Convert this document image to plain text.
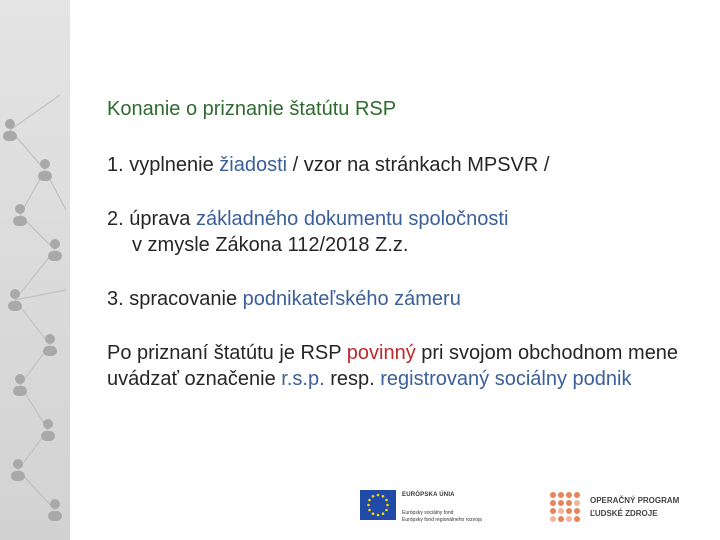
Konanie o priznanie štatútu RSP
1. vyplnenie žiadosti / vzor na stránkach MPSVR /
2. úprava základného dokumentu spoločnosti
v zmysle Zákona 112/2018 Z.z.
3. spracovanie podnikateľského zámeru
Po priznaní štatútu je RSP povinný pri svojom obchodnom mene uvádzať označenie r.s.p. resp. registrovaný sociálny podnik
EURÓPSKA ÚNIA
Európsky sociálny fond
Európsky fond regionálneho rozvoja
OPERAČNÝ PROGRAM
ĽUDSKÉ ZDROJE
